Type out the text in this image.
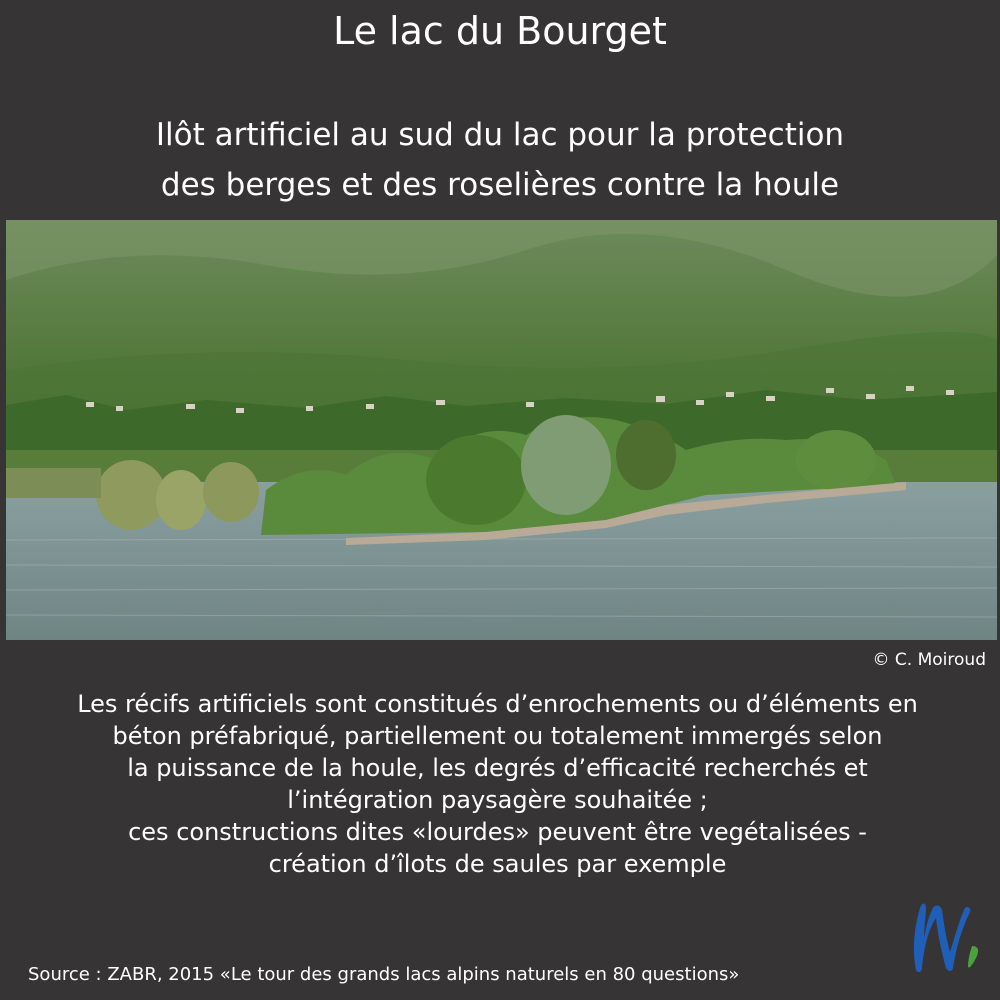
Le lac du Bourget
Ilôt artificiel au sud du lac pour la protection
des berges et des roselières contre la houle
© C. Moiroud
Les récifs artificiels sont constitués d’enrochements ou d’éléments en
béton préfabriqué, partiellement ou totalement immergés selon
la puissance de la houle, les degrés d’efficacité recherchés et
l’intégration paysagère souhaitée ;
ces constructions dites «lourdes» peuvent être vegétalisées -
création d’îlots de saules par exemple
Source : ZABR, 2015 «Le tour des grands lacs alpins naturels en 80 questions»
